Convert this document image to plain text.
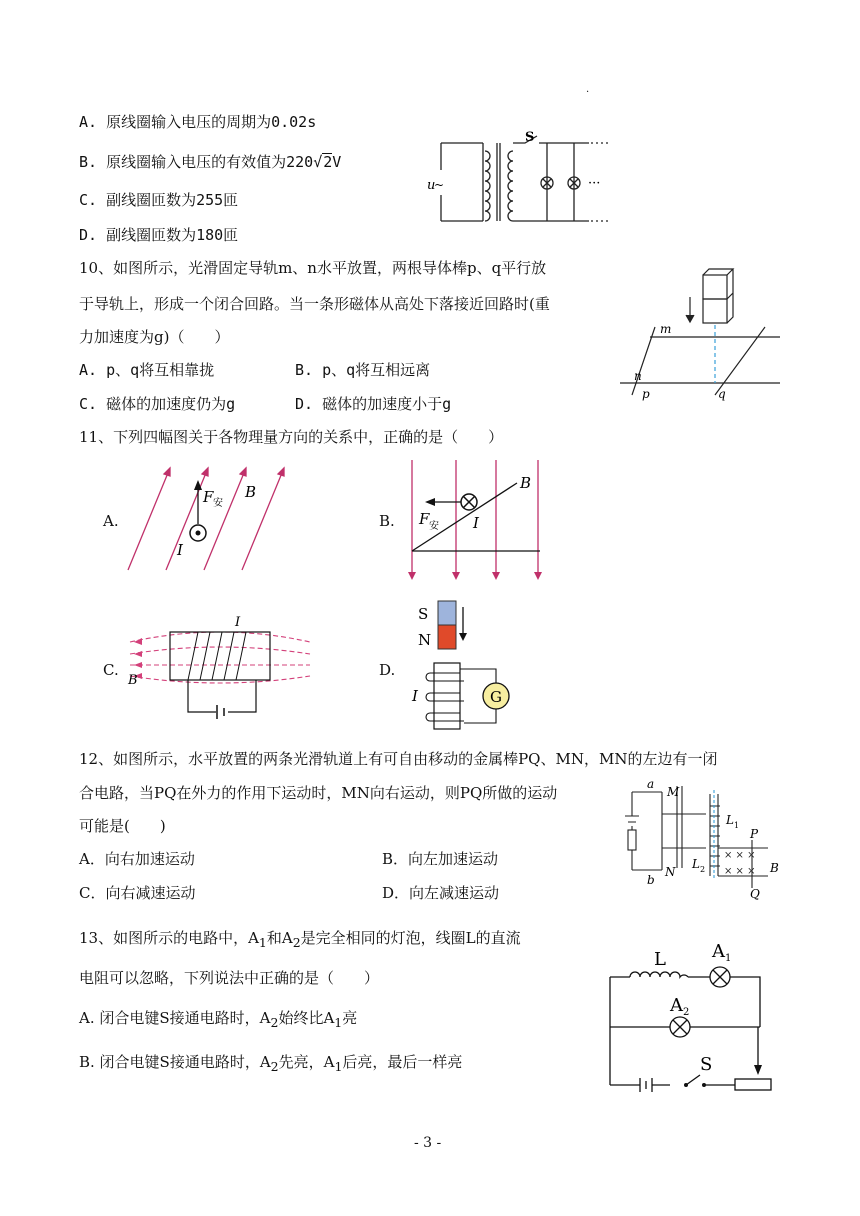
.
A. 原线圈输入电压的周期为0.02s
B. 原线圈输入电压的有效值为220√2V
C. 副线圈匝数为255匝
D. 副线圈匝数为180匝
u
~
S
···
10、如图所示，光滑固定导轨m、n水平放置，两根导体棒p、q平行放
于导轨上，形成一个闭合回路。当一条形磁体从高处下落接近回路时(重
力加速度为g)（　　）
A. p、q将互相靠拢	B. p、q将互相远离
C. 磁体的加速度仍为g	D. 磁体的加速度小于g
m
n
p	q
11、下列四幅图关于各物理量方向的关系中，正确的是（　　）
A.	B.
C.	D.
F 安
B
I
B
F 安 I
I
B
S
N
G
I
12、如图所示，水平放置的两条光滑轨道上有可自由移动的金属棒PQ、MN，MN的左边有一闭
合电路，当PQ在外力的作用下运动时，MN向右运动，则PQ所做的运动
可能是(　　)
A．向右加速运动	B．向左加速运动
C．向右减速运动	D．向左减速运动
× × ×
× × ×
a
b
M
N
L 1
L 2
P
Q
B
13、如图所示的电路中，$A_1$和$A_2$是完全相同的灯泡，线圈L的直流
电阻可以忽略，下列说法中正确的是（　　）
A. 闭合电键S接通电路时，$A_2$始终比$A_1$亮
B. 闭合电键S接通电路时，$A_2$先亮，$A_1$后亮，最后一样亮
L	A 1
A 2
S
- 3 -
